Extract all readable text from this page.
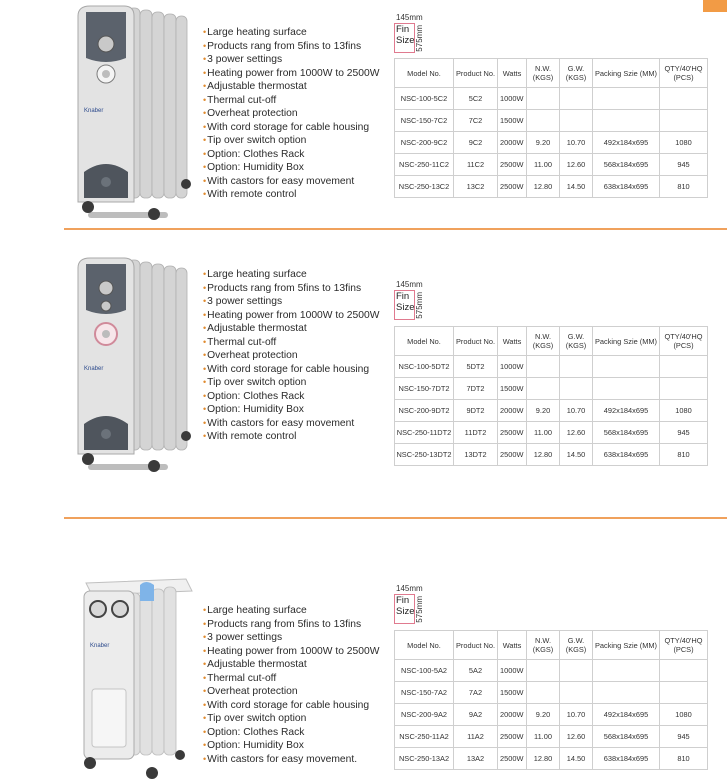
Knaber
• Large heating surface
• Products rang from 5fins to 13fins
• 3 power settings
• Heating power from 1000W to 2500W
• Adjustable thermostat
• Thermal cut-off
• Overheat protection
• With cord storage for cable housing
• Tip over switch option
• Option: Clothes Rack
• Option: Humidity Box
• With castors for easy movement
• With remote control
145mm
Fin
Size 575mm
Model No.	Product No.	Watts	N.W. (KGS)	G.W. (KGS)	Packing Szie (MM)	QTY/40'HQ (PCS)
NSC-100-5C2	5C2	1000W				
NSC-150-7C2	7C2	1500W				
NSC-200-9C2	9C2	2000W	9.20	10.70	492x184x695	1080
NSC-250-11C2	11C2	2500W	11.00	12.60	568x184x695	945
NSC-250-13C2	13C2	2500W	12.80	14.50	638x184x695	810
Knaber
• Large heating surface
• Products rang from 5fins to 13fins
• 3 power settings
• Heating power from 1000W to 2500W
• Adjustable thermostat
• Thermal cut-off
• Overheat protection
• With cord storage for cable housing
• Tip over switch option
• Option: Clothes Rack
• Option: Humidity Box
• With castors for easy movement
• With remote control
145mm
Fin
Size 575mm
Model No.	Product No.	Watts	N.W. (KGS)	G.W. (KGS)	Packing Szie (MM)	QTY/40'HQ (PCS)
NSC-100-5DT2	5DT2	1000W				
NSC-150-7DT2	7DT2	1500W				
NSC-200-9DT2	9DT2	2000W	9.20	10.70	492x184x695	1080
NSC-250-11DT2	11DT2	2500W	11.00	12.60	568x184x695	945
NSC-250-13DT2	13DT2	2500W	12.80	14.50	638x184x695	810
Knaber
• Large heating surface
• Products rang from 5fins to 13fins
• 3 power settings
• Heating power from 1000W to 2500W
• Adjustable thermostat
• Thermal cut-off
• Overheat protection
• With cord storage for cable housing
• Tip over switch option
• Option: Clothes Rack
• Option: Humidity Box
• With castors for easy movement.
145mm
Fin
Size 575mm
Model No.	Product No.	Watts	N.W. (KGS)	G.W. (KGS)	Packing Szie (MM)	QTY/40'HQ (PCS)
NSC-100-5A2	5A2	1000W				
NSC-150-7A2	7A2	1500W				
NSC-200-9A2	9A2	2000W	9.20	10.70	492x184x695	1080
NSC-250-11A2	11A2	2500W	11.00	12.60	568x184x695	945
NSC-250-13A2	13A2	2500W	12.80	14.50	638x184x695	810
